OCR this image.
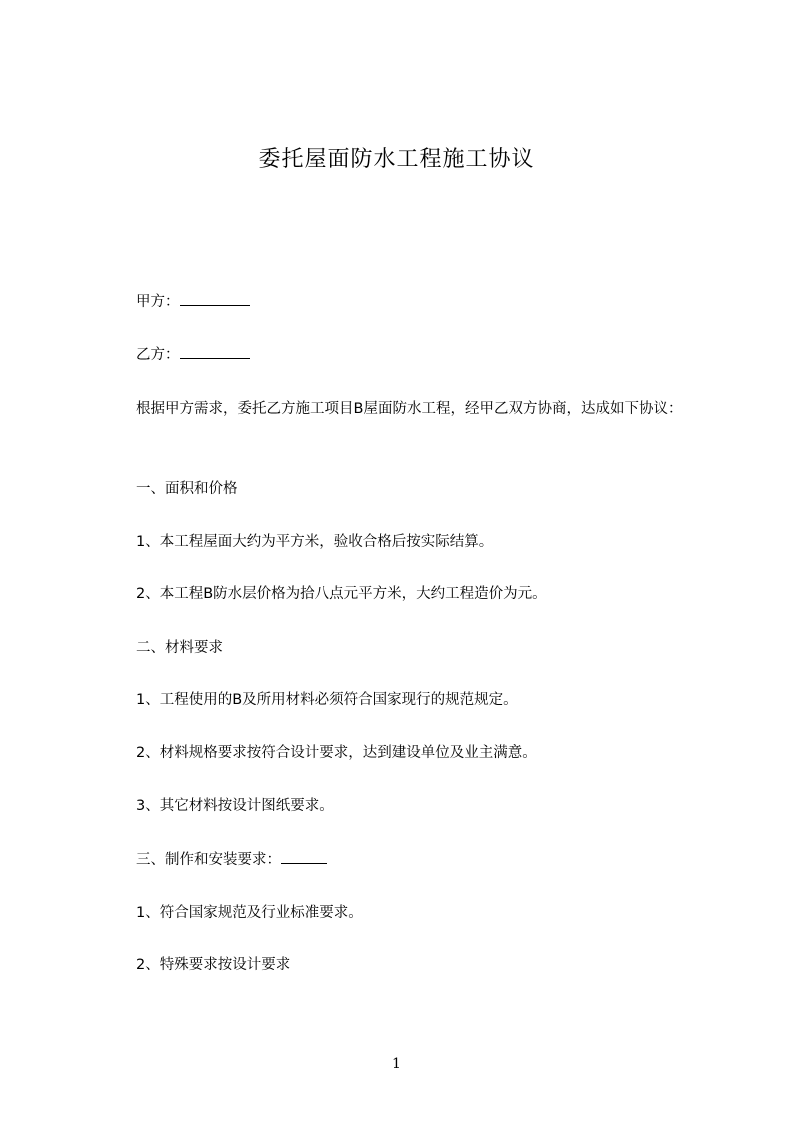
委托屋面防水工程施工协议
甲方：
乙方：
根据甲方需求，委托乙方施工项目B屋面防水工程，经甲乙双方协商，达成如下协议：
一、面积和价格
1、本工程屋面大约为平方米，验收合格后按实际结算。
2、本工程B防水层价格为拾八点元平方米，大约工程造价为元。
二、材料要求
1、工程使用的B及所用材料必须符合国家现行的规范规定。
2、材料规格要求按符合设计要求，达到建设单位及业主满意。
3、其它材料按设计图纸要求。
三、制作和安装要求：
1、符合国家规范及行业标准要求。
2、特殊要求按设计要求
1
